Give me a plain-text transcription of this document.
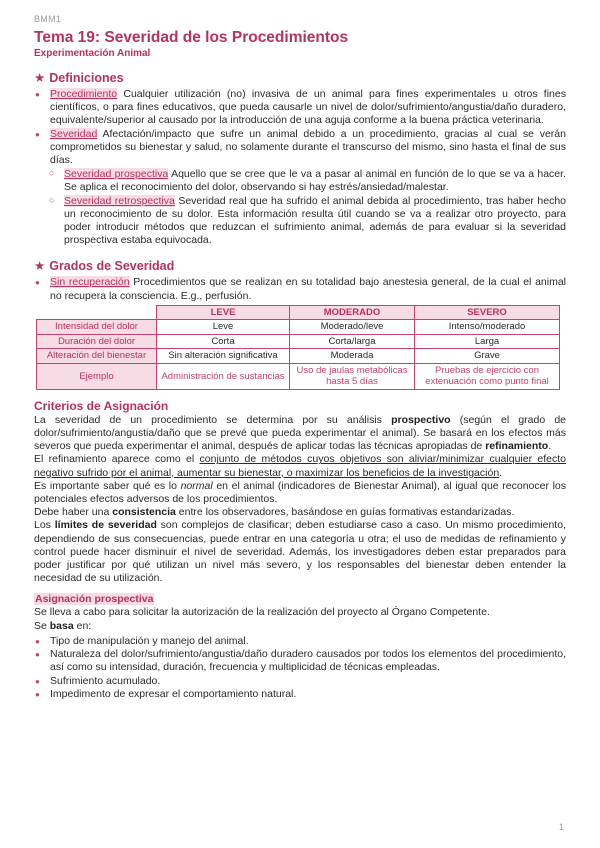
BMM1
Tema 19: Severidad de los Procedimientos
Experimentación Animal
★ Definiciones
● Procedimiento Cualquier utilización (no) invasiva de un animal para fines experimentales u otros fines científicos, o para fines educativos, que pueda causarle un nivel de dolor/sufrimiento/angustia/daño duradero, equivalente/superior al causado por la introducción de una aguja conforme a la buena práctica veterinaria.
● Severidad Afectación/impacto que sufre un animal debido a un procedimiento, gracias al cual se verán comprometidos su bienestar y salud, no solamente durante el transcurso del mismo, sino hasta el final de sus días.
○ Severidad prospectiva Aquello que se cree que le va a pasar al animal en función de lo que se va a hacer. Se aplica el reconocimiento del dolor, observando si hay estrés/ansiedad/malestar.
○ Severidad retrospectiva Severidad real que ha sufrido el animal debida al procedimiento, tras haber hecho un reconocimiento de su dolor. Esta información resulta útil cuando se va a realizar otro proyecto, para poder introducir métodos que reduzcan el sufrimiento animal, además de para evaluar si la severidad prospectiva estaba equivocada.
★ Grados de Severidad
● Sin recuperación Procedimientos que se realizan en su totalidad bajo anestesia general, de la cual el animal no recupera la consciencia. E.g., perfusión.
	LEVE	MODERADO	SEVERO
Intensidad del dolor	Leve	Moderado/leve	Intenso/moderado
Duración del dolor	Corta	Corta/larga	Larga
Alteración del bienestar	Sin alteración significativa	Moderada	Grave
Ejemplo	Administración de sustancias	Uso de jaulas metabólicas hasta 5 días	Pruebas de ejercicio con extenuación como punto final
Criterios de Asignación

La severidad de un procedimiento se determina por su análisis prospectivo (según el grado de dolor/sufrimiento/angustia/daño que se prevé que pueda experimentar el animal). Se basará en los efectos más severos que pueda experimentar el animal, después de aplicar todas las técnicas apropiadas de refinamiento.

El refinamiento aparece como el conjunto de métodos cuyos objetivos son aliviar/minimizar cualquier efecto negativo sufrido por el animal, aumentar su bienestar, o maximizar los beneficios de la investigación.

Es importante saber qué es lo normal en el animal (indicadores de Bienestar Animal), al igual que reconocer los potenciales efectos adversos de los procedimientos.

Debe haber una consistencia entre los observadores, basándose en guías formativas estandarizadas.

Los límites de severidad son complejos de clasificar; deben estudiarse caso a caso. Un mismo procedimiento, dependiendo de sus consecuencias, puede entrar en una categoría u otra; el uso de medidas de refinamiento y control puede hacer disminuir el nivel de severidad. Además, los investigadores deben estar preparados para poder justificar por qué utilizan un nivel más severo, y los responsables del bienestar deben entender la necesidad de su utilización.

Asignación prospectiva

Se lleva a cabo para solicitar la autorización de la realización del proyecto al Órgano Competente.

Se basa en:

● Tipo de manipulación y manejo del animal.
● Naturaleza del dolor/sufrimiento/angustia/daño duradero causados por todos los elementos del procedimiento, así como su intensidad, duración, frecuencia y multiplicidad de técnicas empleadas.
● Sufrimiento acumulado.
● Impedimento de expresar el comportamiento natural.
1
